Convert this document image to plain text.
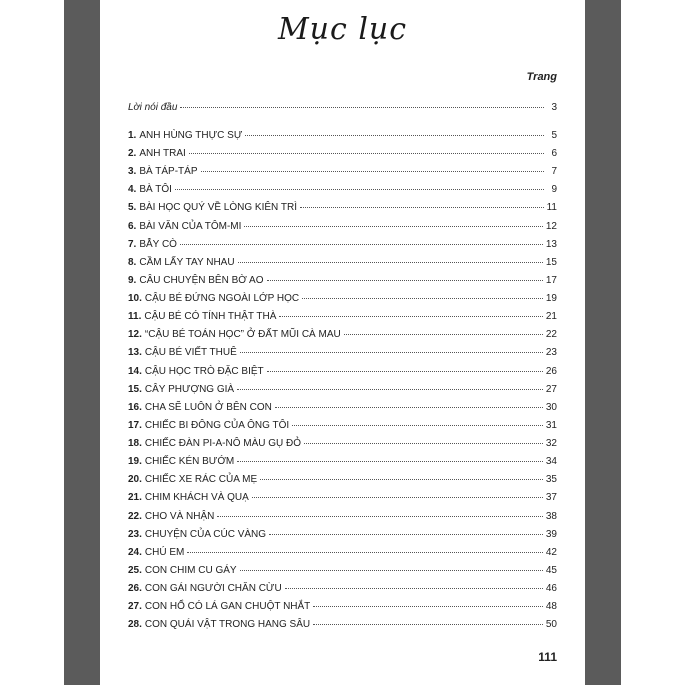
Mục lục
Trang
Lời nói đầu	3
1. ANH HÙNG THỰC SỰ	5
2. ANH TRAI	6
3. BÀ TÁP-TÁP	7
4. BÀ TÔI	9
5. BÀI HỌC QUÝ VỀ LÒNG KIÊN TRÌ	11
6. BÀI VĂN CỦA TÔM-MI	12
7. BẪY CÒ	13
8. CẦM LẤY TAY NHAU	15
9. CÂU CHUYỆN BÊN BỜ AO	17
10. CẬU BÉ ĐỨNG NGOÀI LỚP HỌC	19
11. CẬU BÉ CÓ TÍNH THẬT THÀ	21
12. “CẬU BÉ TOÁN HỌC” Ở ĐẤT MŨI CÀ MAU	22
13. CẬU BÉ VIẾT THUÊ	23
14. CẬU HỌC TRÒ ĐẶC BIỆT	26
15. CÂY PHƯỢNG GIÀ	27
16. CHA SẼ LUÔN Ở BÊN CON	30
17. CHIẾC BI ĐÔNG CỦA ÔNG TÔI	31
18. CHIẾC ĐÀN PI-A-NÔ MÀU GỤ ĐỎ	32
19. CHIẾC KÉN BƯỚM	34
20. CHIẾC XE RÁC CỦA MẸ	35
21. CHIM KHÁCH VÀ QUẠ	37
22. CHO VÀ NHẬN	38
23. CHUYỆN CỦA CÚC VÀNG	39
24. CHÚ EM	42
25. CON CHIM CU GÁY	45
26. CON GÁI NGƯỜI CHĂN CỪU	46
27. CON HỔ CÓ LÁ GAN CHUỘT NHẮT	48
28. CON QUÁI VẬT TRONG HANG SÂU	50
111
